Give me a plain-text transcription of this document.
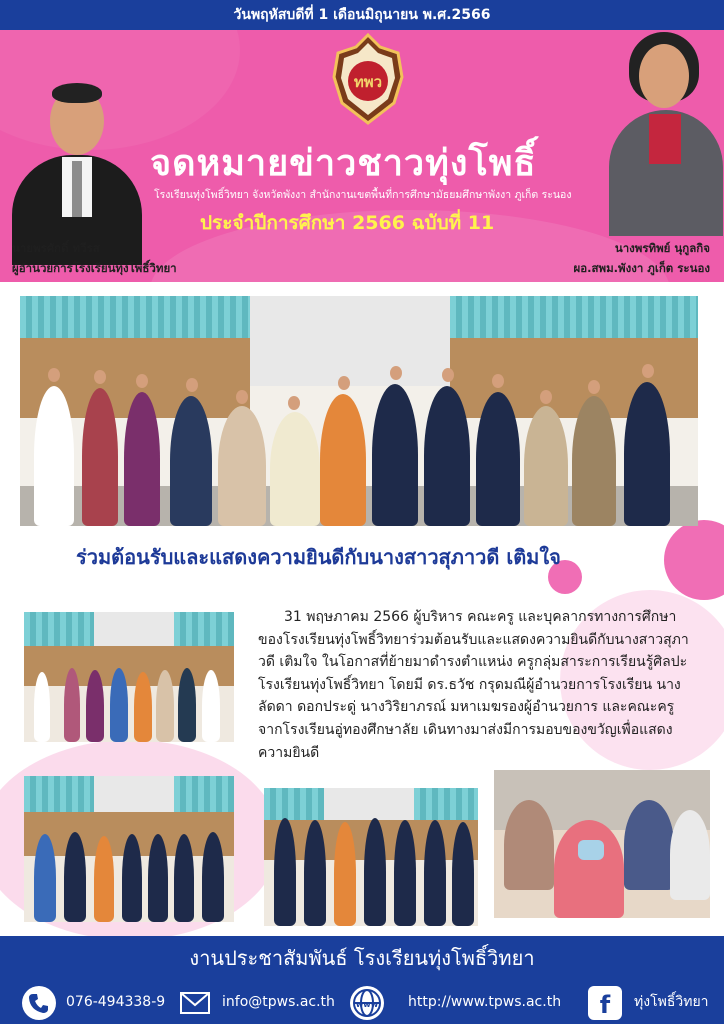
วันพฤหัสบดีที่ 1 เดือนมิถุนายน พ.ศ.2566
ทพว
จดหมายข่าวชาวทุ่งโพธิ์
โรงเรียนทุ่งโพธิ์วิทยา จังหวัดพังงา สำนักงานเขตพื้นที่การศึกษามัธยมศึกษาพังงา ภูเก็ต ระนอง
ประจำปีการศึกษา 2566 ฉบับที่ 11
นายพรศักดิ์ ทวีรส
ผู้อำนวยการโรงเรียนทุ่งโพธิ์วิทยา
นางพรทิพย์ นุกูลกิจ
ผอ.สพม.พังงา ภูเก็ต ระนอง
ร่วมต้อนรับและแสดงความยินดีกับนางสาวสุภาวดี เติมใจ
31 พฤษภาคม 2566 ผู้บริหาร คณะครู และบุคลากรทางการศึกษาของโรงเรียนทุ่งโพธิ์วิทยาร่วมต้อนรับและแสดงความยินดีกับนางสาวสุภาวดี เติมใจ ในโอกาสที่ย้ายมาดำรงตำแหน่ง ครูกลุ่มสาระการเรียนรู้ศิลปะ โรงเรียนทุ่งโพธิ์วิทยา โดยมี ดร.ธวัช กรุดมณีผู้อำนวยการโรงเรียน นางลัดดา ดอกประดู่ นางวิริยาภรณ์ มหาเมฆรองผู้อำนวยการ และคณะครูจากโรงเรียนอู่ทองศึกษาลัย เดินทางมาส่งมีการมอบของขวัญเพื่อแสดงความยินดี
งานประชาสัมพันธ์ โรงเรียนทุ่งโพธิ์วิทยา
076-494338-9	info@tpws.ac.th	www http://www.tpws.ac.th f ทุ่งโพธิ์วิทยา
